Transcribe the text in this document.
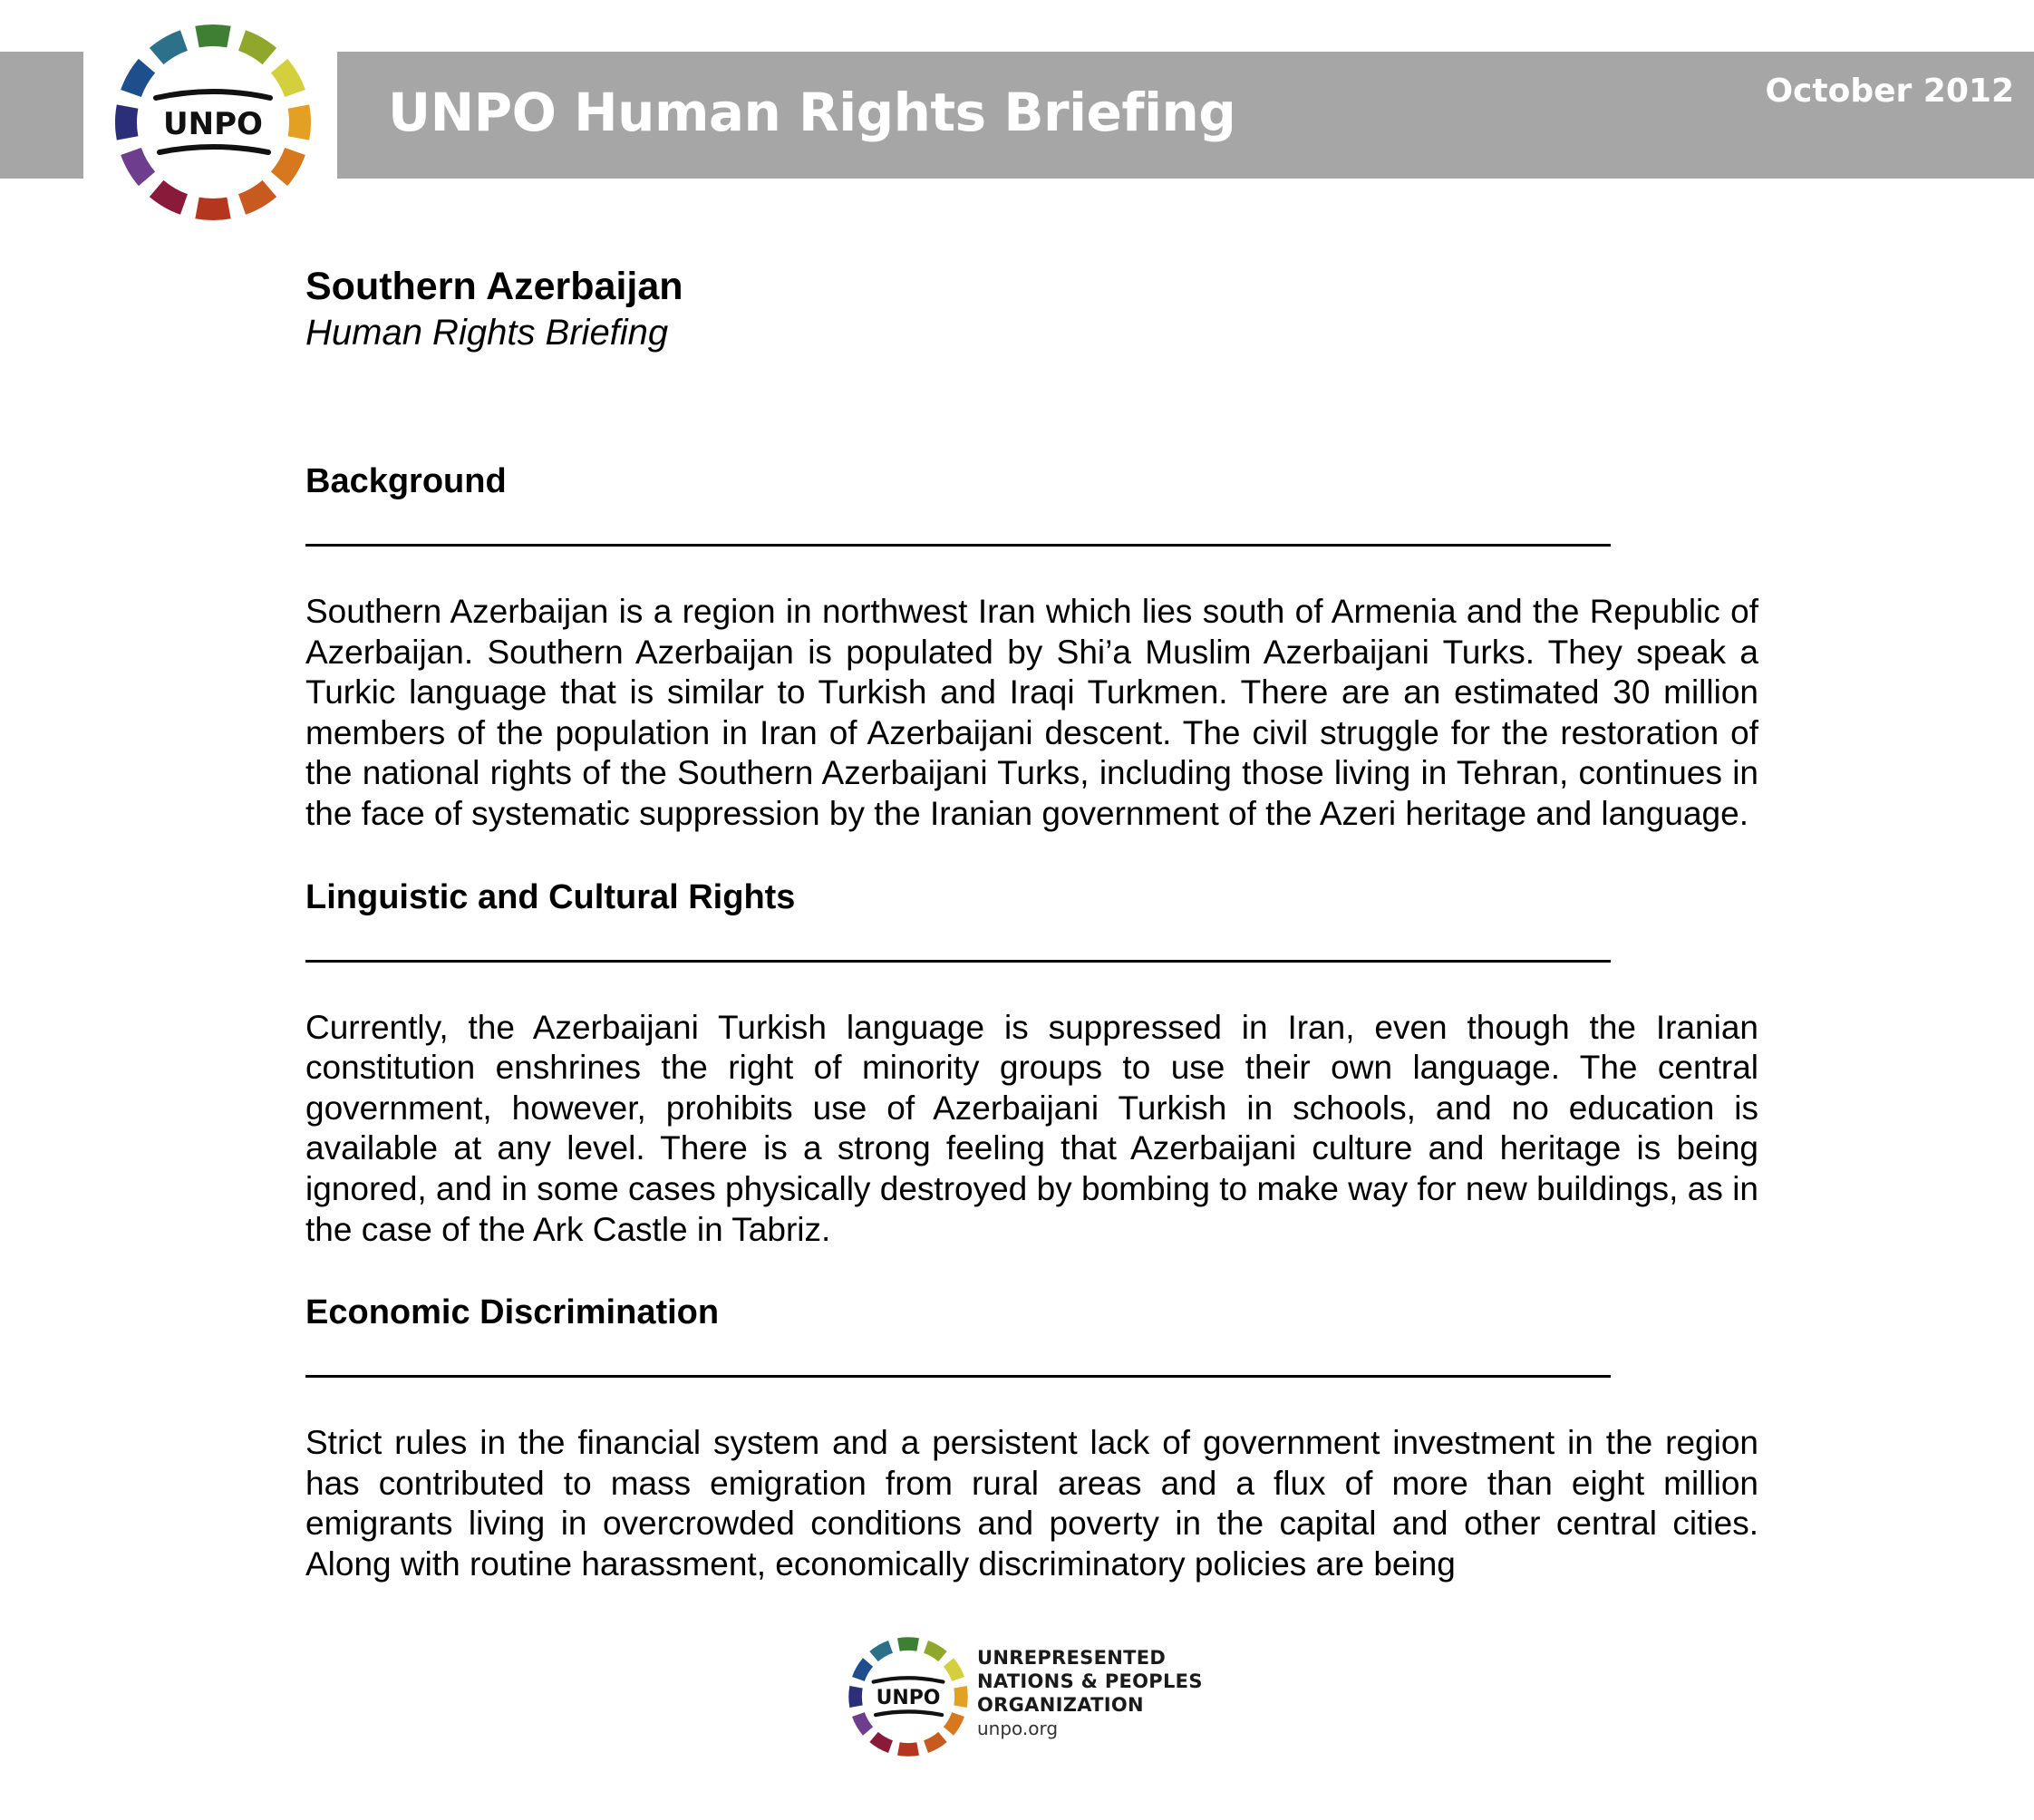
UNPO Human Rights Briefing	October 2012
UNPO
Southern Azerbaijan
Human Rights Briefing
Background

Southern Azerbaijan is a region in northwest Iran which lies south of Armenia and the Republic of Azerbaijan. Southern Azerbaijan is populated by Shi’a Muslim Azerbaijani Turks. They speak a Turkic language that is similar to Turkish and Iraqi Turkmen. There are an estimated 30 million members of the population in Iran of Azerbaijani descent. The civil struggle for the restoration of the national rights of the Southern Azerbaijani Turks, including those living in Tehran, continues in the face of systematic suppression by the Iranian government of the Azeri heritage and language.

Linguistic and Cultural Rights

Currently, the Azerbaijani Turkish language is suppressed in Iran, even though the Iranian constitution enshrines the right of minority groups to use their own language. The central government, however, prohibits use of Azerbaijani Turkish in schools, and no education is available at any level. There is a strong feeling that Azerbaijani culture and heritage is being ignored, and in some cases physically destroyed by bombing to make way for new buildings, as in the case of the Ark Castle in Tabriz.

Economic Discrimination

Strict rules in the financial system and a persistent lack of government investment in the region has contributed to mass emigration from rural areas and a flux of more than eight million emigrants living in overcrowded conditions and poverty in the capital and other central cities. Along with routine harassment, economically discriminatory policies are being

UNPO
UNREPRESENTED
NATIONS & PEOPLES
ORGANIZATION
unpo.org
